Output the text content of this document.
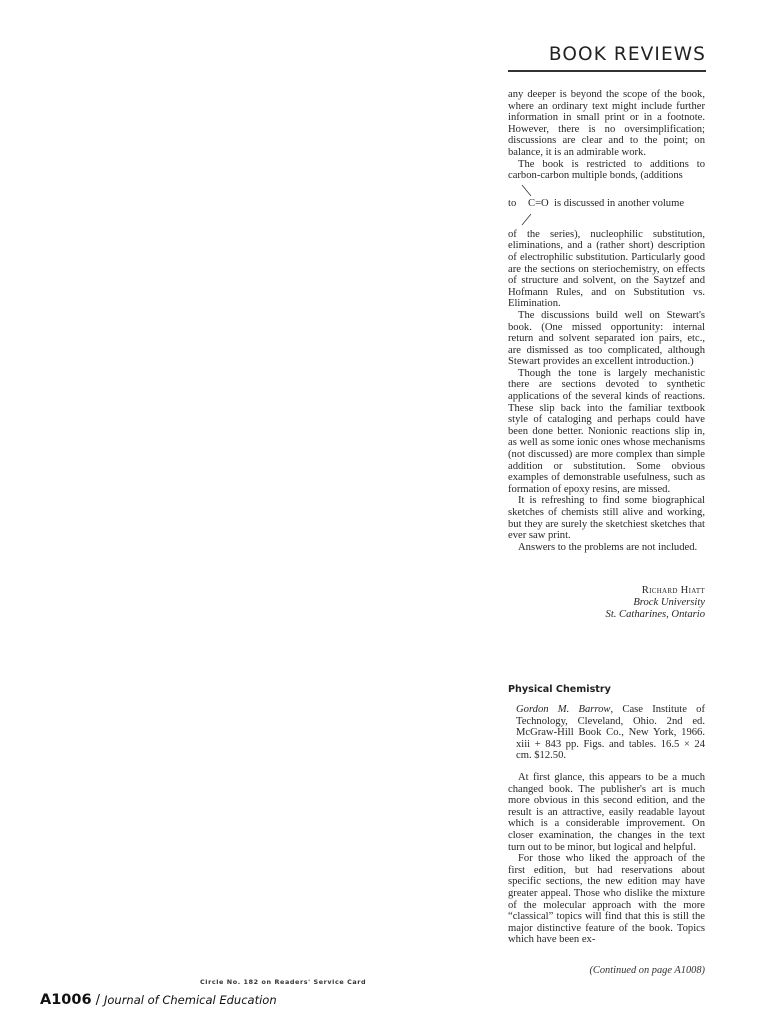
BOOK REVIEWS

any deeper is beyond the scope of the book, where an ordinary text might include further information in small print or in a footnote. However, there is no oversimplification; discussions are clear and to the point; on balance, it is an admirable work.

The book is restricted to additions to carbon-carbon multiple bonds, (additions

to C=O is discussed in another volume

of the series), nucleophilic substitution, eliminations, and a (rather short) description of electrophilic substitution. Particularly good are the sections on steriochemistry, on effects of structure and solvent, on the Saytzef and Hofmann Rules, and on Substitution vs. Elimination.

The discussions build well on Stewart's book. (One missed opportunity: internal return and solvent separated ion pairs, etc., are dismissed as too complicated, although Stewart provides an excellent introduction.)

Though the tone is largely mechanistic there are sections devoted to synthetic applications of the several kinds of reactions. These slip back into the familiar textbook style of cataloging and perhaps could have been done better. Nonionic reactions slip in, as well as some ionic ones whose mechanisms (not discussed) are more complex than simple addition or substitution. Some obvious examples of demonstrable usefulness, such as formation of epoxy resins, are missed.

It is refreshing to find some biographical sketches of chemists still alive and working, but they are surely the sketchiest sketches that ever saw print.

Answers to the problems are not included.

Richard Hiatt
Brock University
St. Catharines, Ontario
Physical Chemistry

Gordon M. Barrow, Case Institute of Technology, Cleveland, Ohio. 2nd ed. McGraw-Hill Book Co., New York, 1966. xiii + 843 pp. Figs. and tables. 16.5 × 24 cm. $12.50.

At first glance, this appears to be a much changed book. The publisher's art is much more obvious in this second edition, and the result is an attractive, easily readable layout which is a considerable improvement. On closer examination, the changes in the text turn out to be minor, but logical and helpful.

For those who liked the approach of the first edition, but had reservations about specific sections, the new edition may have greater appeal. Those who dislike the mixture of the molecular approach with the more “classical” topics will find that this is still the major distinctive feature of the book. Topics which have been ex-

(Continued on page A1008)
Circle No. 182 on Readers' Service Card
A1006 / Journal of Chemical Education
